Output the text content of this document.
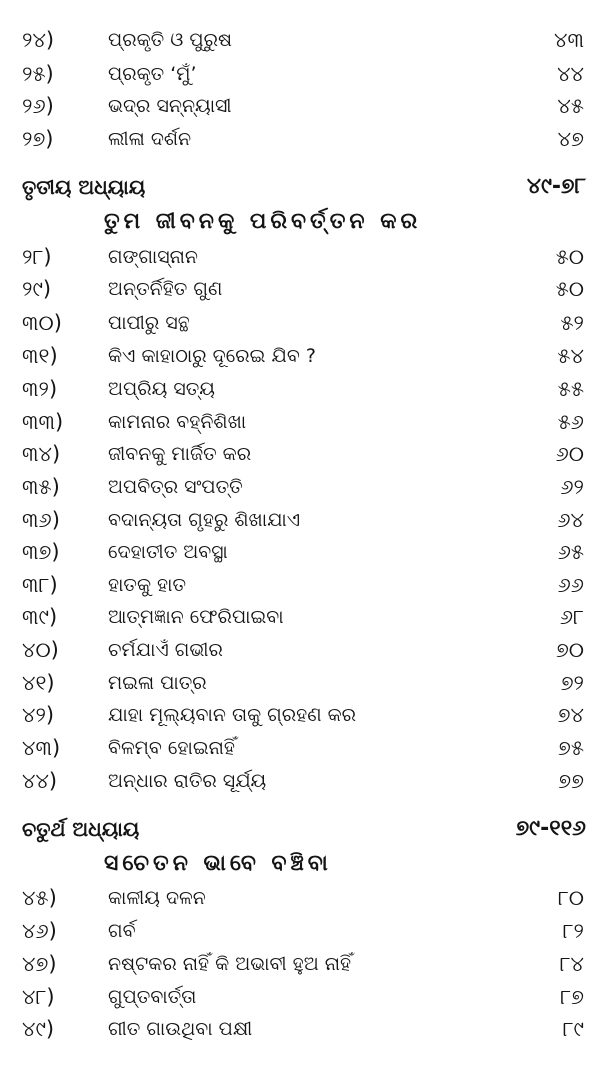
୨୪)	ପ୍ରକୃତି ଓ ପୁରୁଷ	୪୩
୨୫)	ପ୍ରକୃତ ‘ମୁଁ’	୪୪
୨୬)	ଭଦ୍ର ସନ୍ନ୍ୟାସୀ	୪୫
୨୭)	ଲୀଳା ଦର୍ଶନ	୪୭
ତୃତୀୟ ଅଧ୍ୟାୟ	୪୯-୭୮
ତୁମ ଜୀବନକୁ ପରିବର୍ତ୍ତନ କର
୨୮)	ଗଙ୍ଗାସ୍ନାନ	୫୦
୨୯)	ଅନ୍ତର୍ନିହିତ ଗୁଣ	୫୦
୩୦) ପାପୀରୁ ସନ୍ଥ	୫୨
୩୧)	କିଏ କାହାଠାରୁ ଦୂରେଇ ଯିବ ?	୫୪
୩୨)	ଅପ୍ରିୟ ସତ୍ୟ	୫୫
୩୩) କାମନାର ବହ୍ନିଶିଖା	୫୬
୩୪)	ଜୀବନକୁ ମାର୍ଜିତ କର	୬୦
୩୫)	ଅପବିତ୍ର ସଂପତ୍ତି	୬୨
୩୬)	ବଦାନ୍ୟତା ଗୃହରୁ ଶିଖାଯାଏ	୬୪
୩୭)	ଦେହାତୀତ ଅବସ୍ଥା	୬୫
୩୮)	ହାତକୁ ହାତ	୬୬
୩୯)	ଆତ୍ମଜ୍ଞାନ ଫେରିପାଇବା	୬୮
୪୦)	ଚର୍ମଯାଏଁ ଗଭୀର	୭୦
୪୧)	ମଇଳା ପାତ୍ର	୭୨
୪୨)	ଯାହା ମୂଲ୍ୟବାନ ତାକୁ ଗ୍ରହଣ କର	୭୪
୪୩)	ବିଳମ୍ବ ହୋଇନାହିଁ	୭୫
୪୪)	ଅନ୍ଧାର ରାତିର ସୂର୍ଯ୍ୟ	୭୭
ଚତୁର୍ଥ ଅଧ୍ୟାୟ	୭୯-୧୧୬
ସଚେତନ ଭାବେ ବଞ୍ଚିବା
୪୫)	କାଳୀୟ ଦଳନ	୮୦
୪୬)	ଗର୍ବ	୮୨
୪୭)	ନଷ୍ଟକର ନାହିଁ କି ଅଭାବୀ ହୁଅ ନାହିଁ	୮୪
୪୮)	ଗୁପ୍ତବାର୍ତ୍ତା	୮୭
୪୯)	ଗୀତ ଗାଉଥିବା ପକ୍ଷୀ	୮୯
